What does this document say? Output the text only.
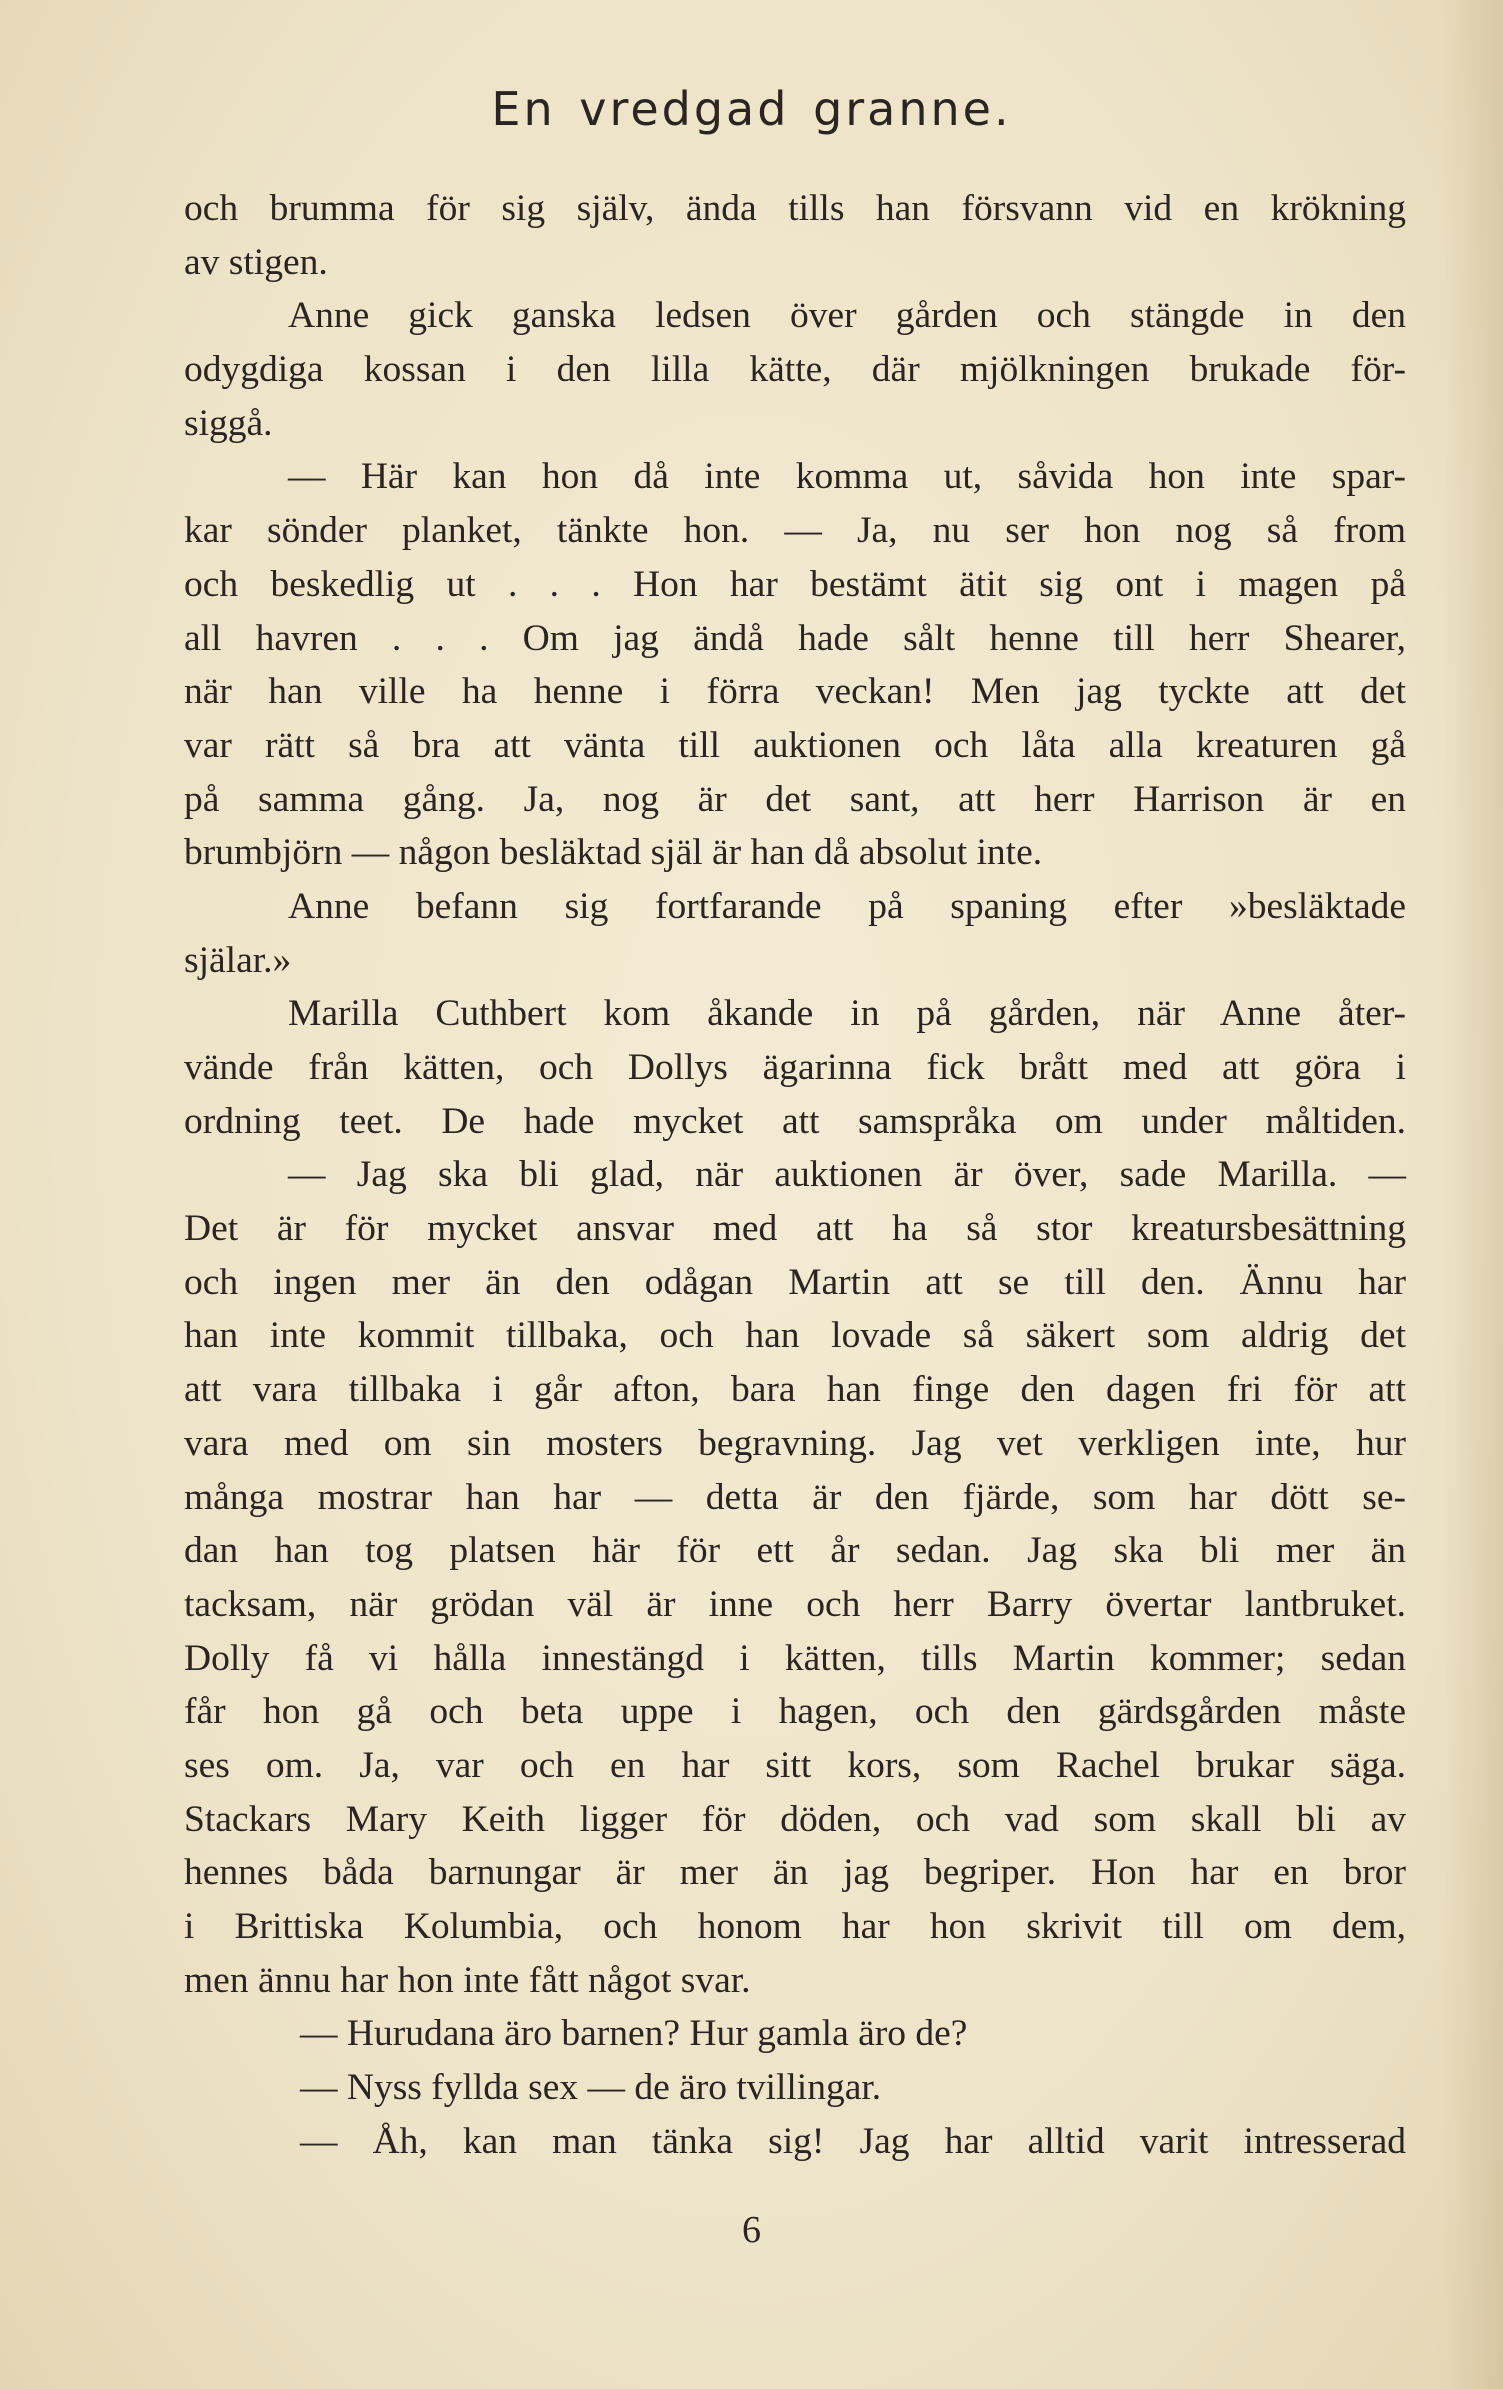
En vredgad granne.
och brumma för sig själv, ända tills han försvann vid en krökning
av stigen.
Anne gick ganska ledsen över gården och stängde in den
odygdiga kossan i den lilla kätte, där mjölkningen brukade för-
siggå.
— Här kan hon då inte komma ut, såvida hon inte spar-
kar sönder planket, tänkte hon. — Ja, nu ser hon nog så from
och beskedlig ut . . . Hon har bestämt ätit sig ont i magen på
all havren . . . Om jag ändå hade sålt henne till herr Shearer,
när han ville ha henne i förra veckan! Men jag tyckte att det
var rätt så bra att vänta till auktionen och låta alla kreaturen gå
på samma gång. Ja, nog är det sant, att herr Harrison är en
brumbjörn — någon besläktad själ är han då absolut inte.
Anne befann sig fortfarande på spaning efter »besläktade
själar.»
Marilla Cuthbert kom åkande in på gården, när Anne åter-
vände från kätten, och Dollys ägarinna fick brått med att göra i
ordning teet. De hade mycket att samspråka om under måltiden.
— Jag ska bli glad, när auktionen är över, sade Marilla. —
Det är för mycket ansvar med att ha så stor kreatursbesättning
och ingen mer än den odågan Martin att se till den. Ännu har
han inte kommit tillbaka, och han lovade så säkert som aldrig det
att vara tillbaka i går afton, bara han finge den dagen fri för att
vara med om sin mosters begravning. Jag vet verkligen inte, hur
många mostrar han har — detta är den fjärde, som har dött se-
dan han tog platsen här för ett år sedan. Jag ska bli mer än
tacksam, när grödan väl är inne och herr Barry övertar lantbruket.
Dolly få vi hålla innestängd i kätten, tills Martin kommer; sedan
får hon gå och beta uppe i hagen, och den gärdsgården måste
ses om. Ja, var och en har sitt kors, som Rachel brukar säga.
Stackars Mary Keith ligger för döden, och vad som skall bli av
hennes båda barnungar är mer än jag begriper. Hon har en bror
i Brittiska Kolumbia, och honom har hon skrivit till om dem,
men ännu har hon inte fått något svar.
— Hurudana äro barnen? Hur gamla äro de?
— Nyss fyllda sex — de äro tvillingar.
— Åh, kan man tänka sig! Jag har alltid varit intresserad
6
